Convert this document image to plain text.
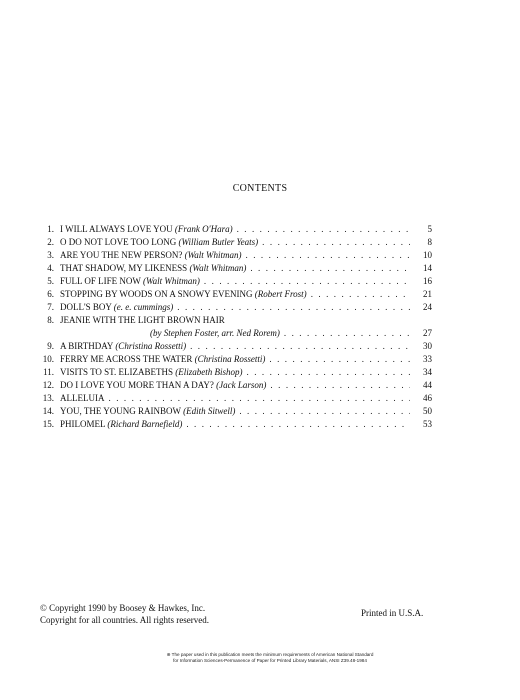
CONTENTS
1. I WILL ALWAYS LOVE YOU (Frank O'Hara) . . .	5
2. O DO NOT LOVE TOO LONG (William Butler Yeats) . . .	8
3. ARE YOU THE NEW PERSON? (Walt Whitman) . . .	10
4. THAT SHADOW, MY LIKENESS (Walt Whitman) . . .	14
5. FULL OF LIFE NOW (Walt Whitman) . . .	16
6. STOPPING BY WOODS ON A SNOWY EVENING (Robert Frost) . . .	21
7. DOLL'S BOY (e. e. cummings) . . .	24
8. JEANIE WITH THE LIGHT BROWN HAIR
(by Stephen Foster, arr. Ned Rorem) . . .	27
9. A BIRTHDAY (Christina Rossetti) . . .	30
10. FERRY ME ACROSS THE WATER (Christina Rossetti) . . .	33
11. VISITS TO ST. ELIZABETHS (Elizabeth Bishop) . . .	34
12. DO I LOVE YOU MORE THAN A DAY? (Jack Larson) . . .	44
13. ALLELUIA . . .	46
14. YOU, THE YOUNG RAINBOW (Edith Sitwell) . . .	50
15. PHILOMEL (Richard Barnefield) . . .	53
© Copyright 1990 by Boosey & Hawkes, Inc.
Copyright for all countries. All rights reserved.
Printed in U.S.A.
⊛ The paper used in this publication meets the minimum requirements of American National Standard
for Information Sciences-Permanence of Paper for Printed Library Materials, ANSI Z39.48-1984
